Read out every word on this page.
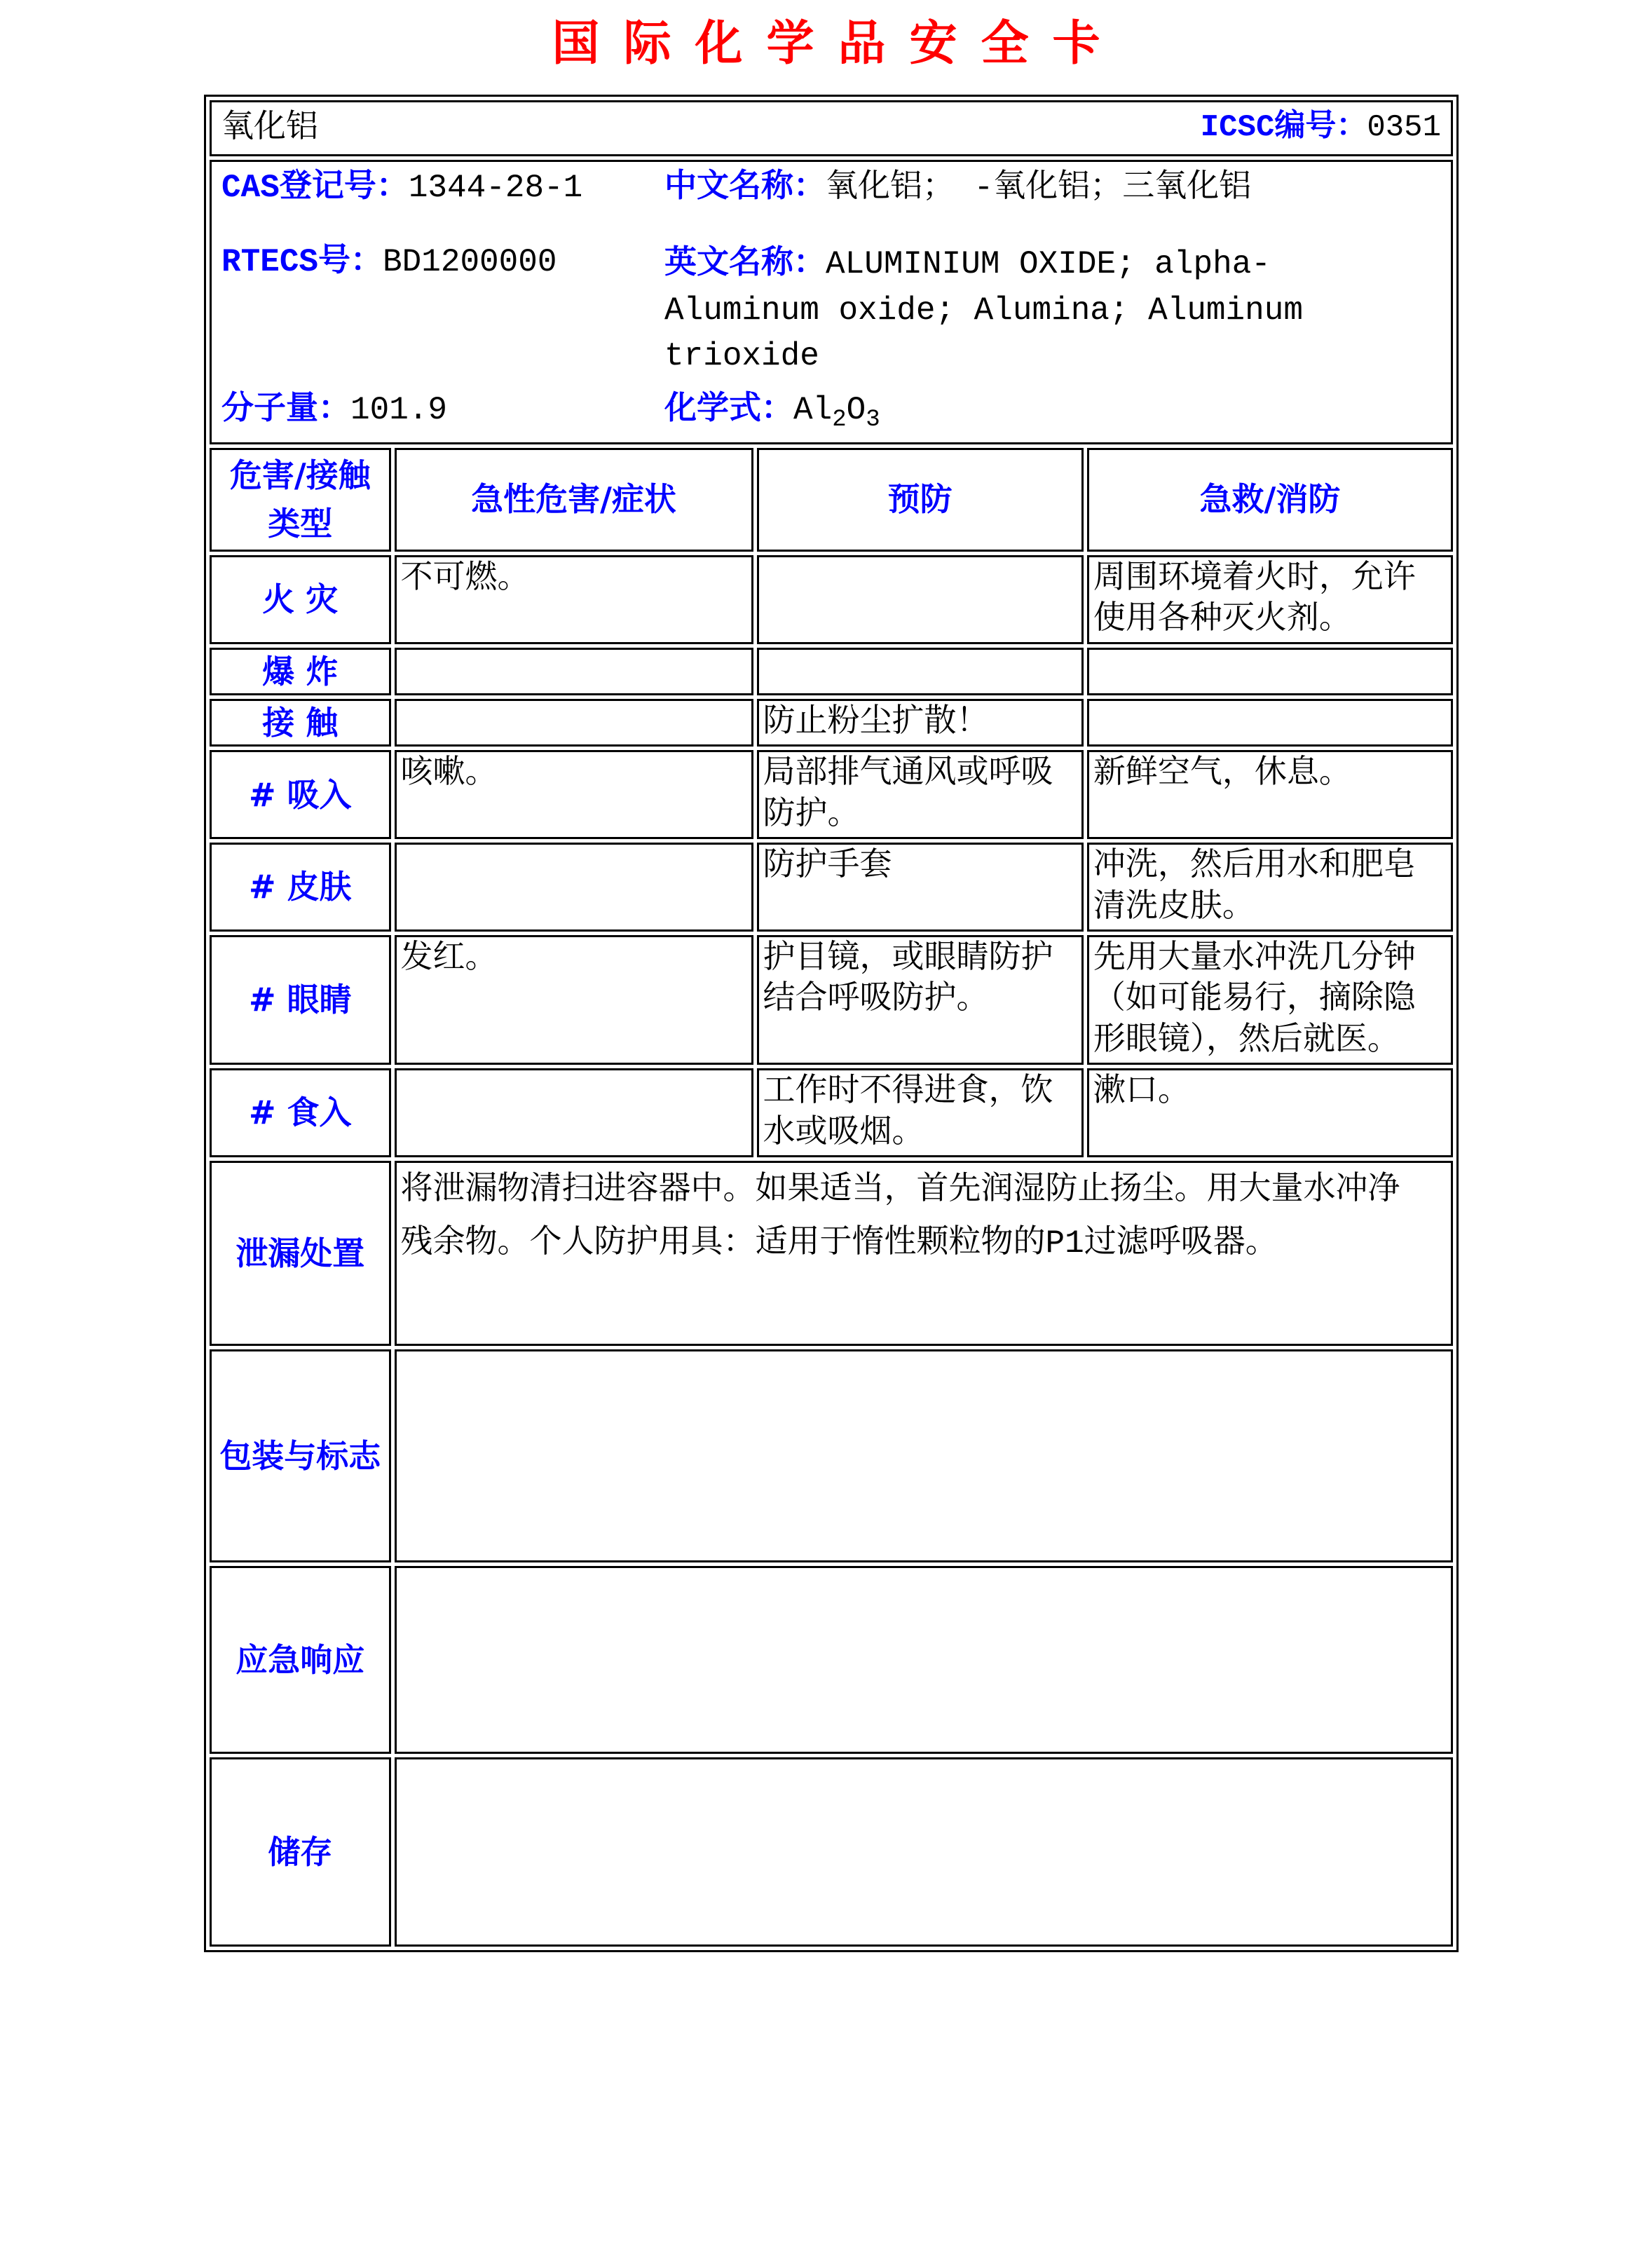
国际化学品安全卡
氧化铝 ICSC编号：0351			

CAS登记号：1344-28-1	中文名称：氧化铝； -氧化铝；三氧化铝
RTECS号：BD1200000	英文名称：ALUMINIUM OXIDE; alpha-Aluminum oxide; Alumina; Aluminum trioxide
分子量：101.9	化学式：$Al_2O_3$

危害/接触类型	急性危害/症状	预防	急救/消防
火 灾	不可燃。		周围环境着火时，允许使用各种灭火剂。
爆 炸			
接 触		防止粉尘扩散！	
# 吸入	咳嗽。	局部排气通风或呼吸防护。	新鲜空气，休息。
# 皮肤		防护手套	冲洗，然后用水和肥皂清洗皮肤。
# 眼睛	发红。	护目镜，或眼睛防护结合呼吸防护。	先用大量水冲洗几分钟（如可能易行，摘除隐形眼镜），然后就医。
# 食入		工作时不得进食，饮水或吸烟。	漱口。
泄漏处置	将泄漏物清扫进容器中。如果适当，首先润湿防止扬尘。用大量水冲净残余物。个人防护用具：适用于惰性颗粒物的P1过滤呼吸器。		

包装与标志			
应急响应			
储存			
